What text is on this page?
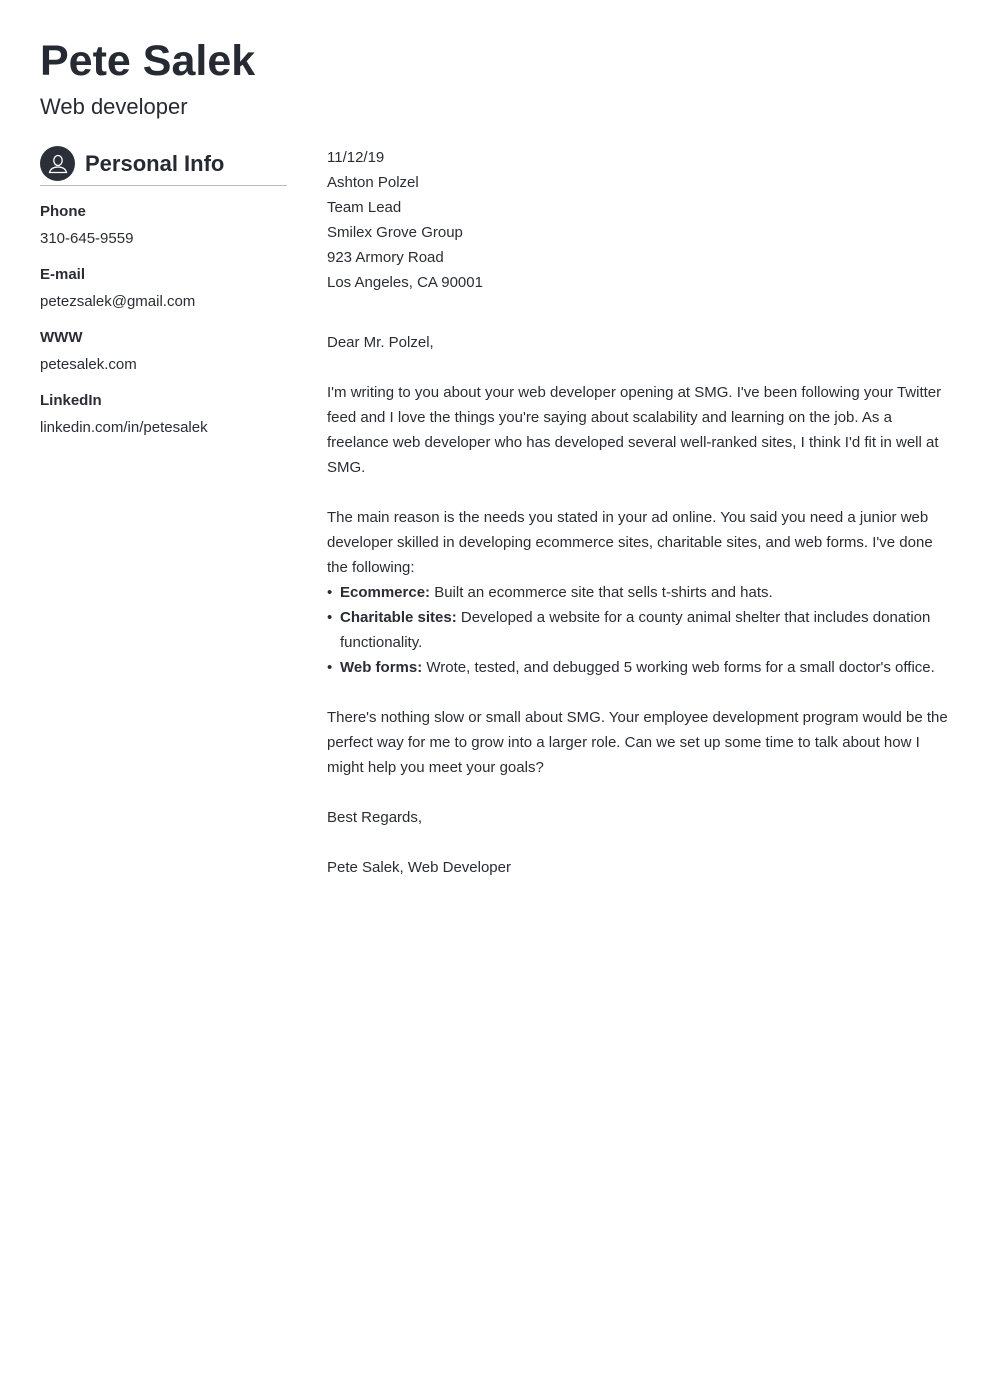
Pete Salek
Web developer
Personal Info
Phone
310-645-9559
E-mail
petezsalek@gmail.com
WWW
petesalek.com
LinkedIn
linkedin.com/in/petesalek

11/12/19

Ashton Polzel

Team Lead

Smilex Grove Group

923 Armory Road

Los Angeles, CA 90001

Dear Mr. Polzel,

I'm writing to you about your web developer opening at SMG. I've been following your Twitter feed and I love the things you're saying about scalability and learning on the job. As a freelance web developer who has developed several well-ranked sites, I think I'd fit in well at SMG.

The main reason is the needs you stated in your ad online. You said you need a junior web developer skilled in developing ecommerce sites, charitable sites, and web forms. I've done the following:

• Ecommerce: Built an ecommerce site that sells t-shirts and hats.
• Charitable sites: Developed a website for a county animal shelter that includes donation functionality.
• Web forms: Wrote, tested, and debugged 5 working web forms for a small doctor's office.

There's nothing slow or small about SMG. Your employee development program would be the perfect way for me to grow into a larger role. Can we set up some time to talk about how I might help you meet your goals?

Best Regards,

Pete Salek, Web Developer
